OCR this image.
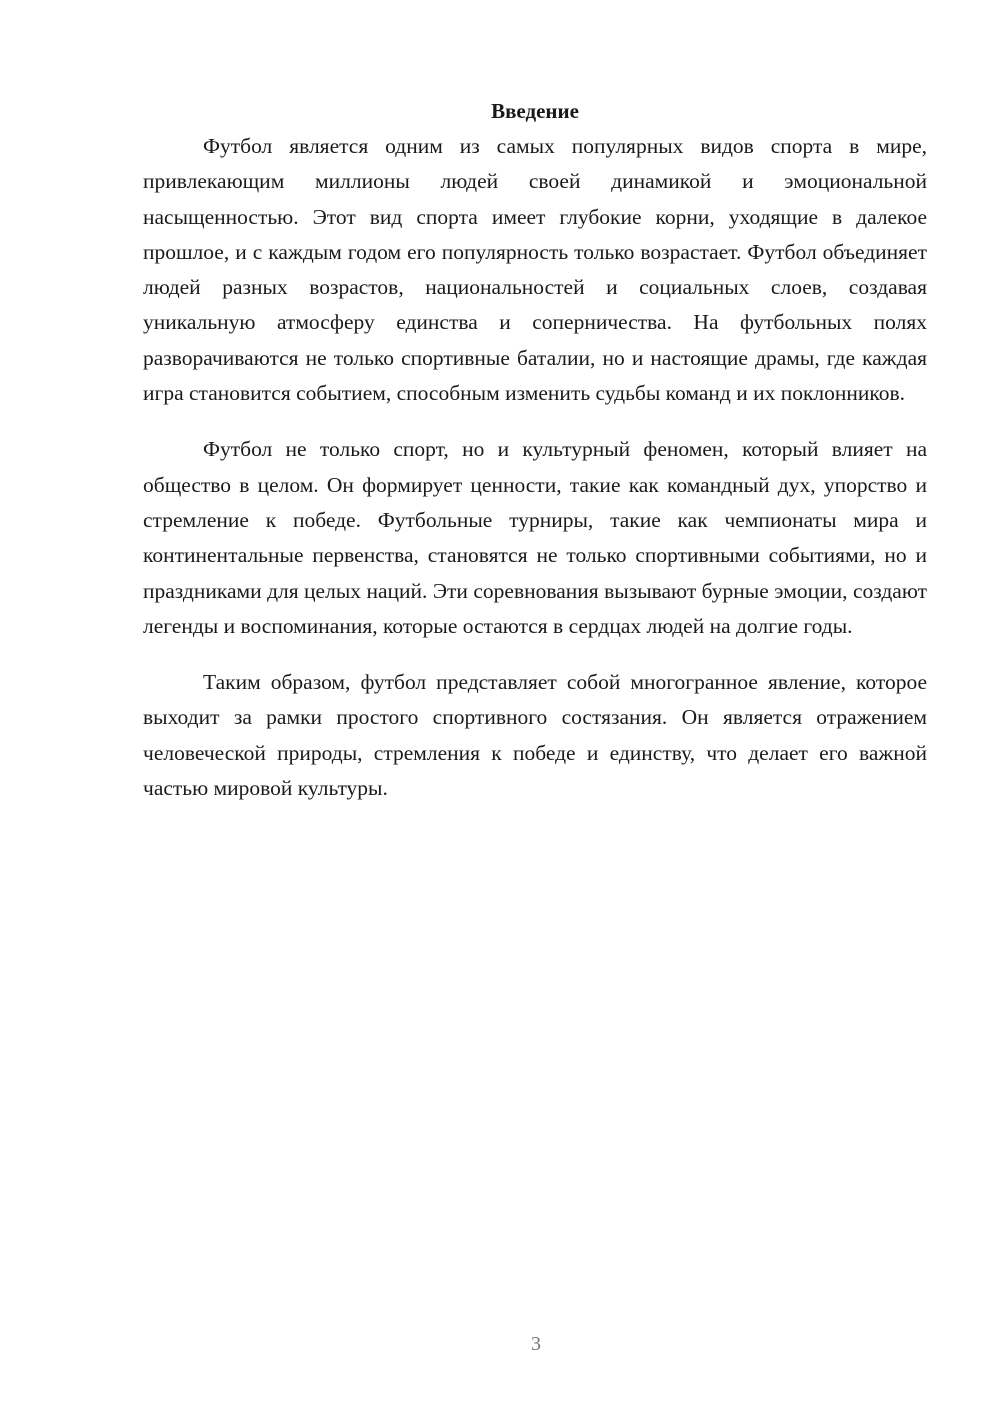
Введение

Футбол является одним из самых популярных видов спорта в мире, привлекающим миллионы людей своей динамикой и эмоциональной насыщенностью. Этот вид спорта имеет глубокие корни, уходящие в далекое прошлое, и с каждым годом его популярность только возрастает. Футбол объединяет людей разных возрастов, национальностей и социальных слоев, создавая уникальную атмосферу единства и соперничества. На футбольных полях разворачиваются не только спортивные баталии, но и настоящие драмы, где каждая игра становится событием, способным изменить судьбы команд и их поклонников.

Футбол не только спорт, но и культурный феномен, который влияет на общество в целом. Он формирует ценности, такие как командный дух, упорство и стремление к победе. Футбольные турниры, такие как чемпионаты мира и континентальные первенства, становятся не только спортивными событиями, но и праздниками для целых наций. Эти соревнования вызывают бурные эмоции, создают легенды и воспоминания, которые остаются в сердцах людей на долгие годы.

Таким образом, футбол представляет собой многогранное явление, которое выходит за рамки простого спортивного состязания. Он является отражением человеческой природы, стремления к победе и единству, что делает его важной частью мировой культуры.

3
